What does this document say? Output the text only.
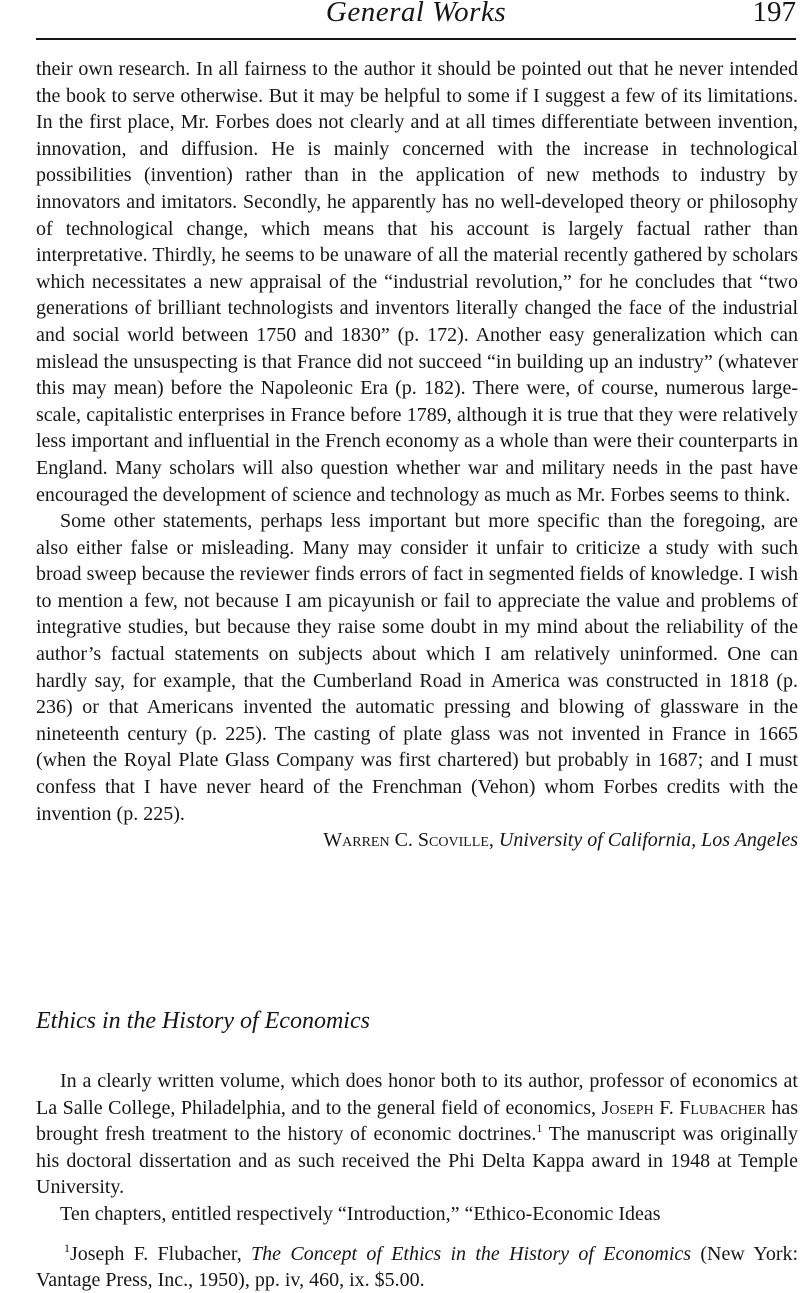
General Works	197

their own research. In all fairness to the author it should be pointed out that he never intended the book to serve otherwise. But it may be helpful to some if I suggest a few of its limitations. In the first place, Mr. Forbes does not clearly and at all times differentiate between invention, innovation, and diffusion. He is mainly concerned with the increase in technological possibilities (invention) rather than in the application of new methods to industry by innovators and imitators. Secondly, he apparently has no well-developed theory or philosophy of technological change, which means that his account is largely factual rather than interpretative. Thirdly, he seems to be unaware of all the material recently gathered by scholars which necessitates a new appraisal of the “industrial revolution,” for he concludes that “two generations of brilliant technologists and inventors literally changed the face of the industrial and social world between 1750 and 1830” (p. 172). Another easy generalization which can mislead the unsuspecting is that France did not succeed “in building up an industry” (whatever this may mean) before the Napoleonic Era (p. 182). There were, of course, numerous large-scale, capitalistic enterprises in France before 1789, although it is true that they were relatively less important and influential in the French economy as a whole than were their counterparts in England. Many scholars will also question whether war and military needs in the past have encouraged the development of science and technology as much as Mr. Forbes seems to think.

Some other statements, perhaps less important but more specific than the foregoing, are also either false or misleading. Many may consider it unfair to criticize a study with such broad sweep because the reviewer finds errors of fact in segmented fields of knowledge. I wish to mention a few, not because I am picayunish or fail to appreciate the value and problems of integrative studies, but because they raise some doubt in my mind about the reliability of the author’s factual statements on subjects about which I am relatively uninformed. One can hardly say, for example, that the Cumberland Road in America was constructed in 1818 (p. 236) or that Americans invented the automatic pressing and blowing of glassware in the nineteenth century (p. 225). The casting of plate glass was not invented in France in 1665 (when the Royal Plate Glass Company was first chartered) but probably in 1687; and I must confess that I have never heard of the Frenchman (Vehon) whom Forbes credits with the invention (p. 225).

Warren C. Scoville, University of California, Los Angeles

Ethics in the History of Economics

In a clearly written volume, which does honor both to its author, professor of economics at La Salle College, Philadelphia, and to the general field of economics, Joseph F. Flubacher has brought fresh treatment to the history of economic doctrines.$^1$ The manuscript was originally his doctoral dissertation and as such received the Phi Delta Kappa award in 1948 at Temple University.

Ten chapters, entitled respectively “Introduction,” “Ethico-Economic Ideas

$^1$Joseph F. Flubacher, The Concept of Ethics in the History of Economics (New York: Vantage Press, Inc., 1950), pp. iv, 460, ix. $5.00.
